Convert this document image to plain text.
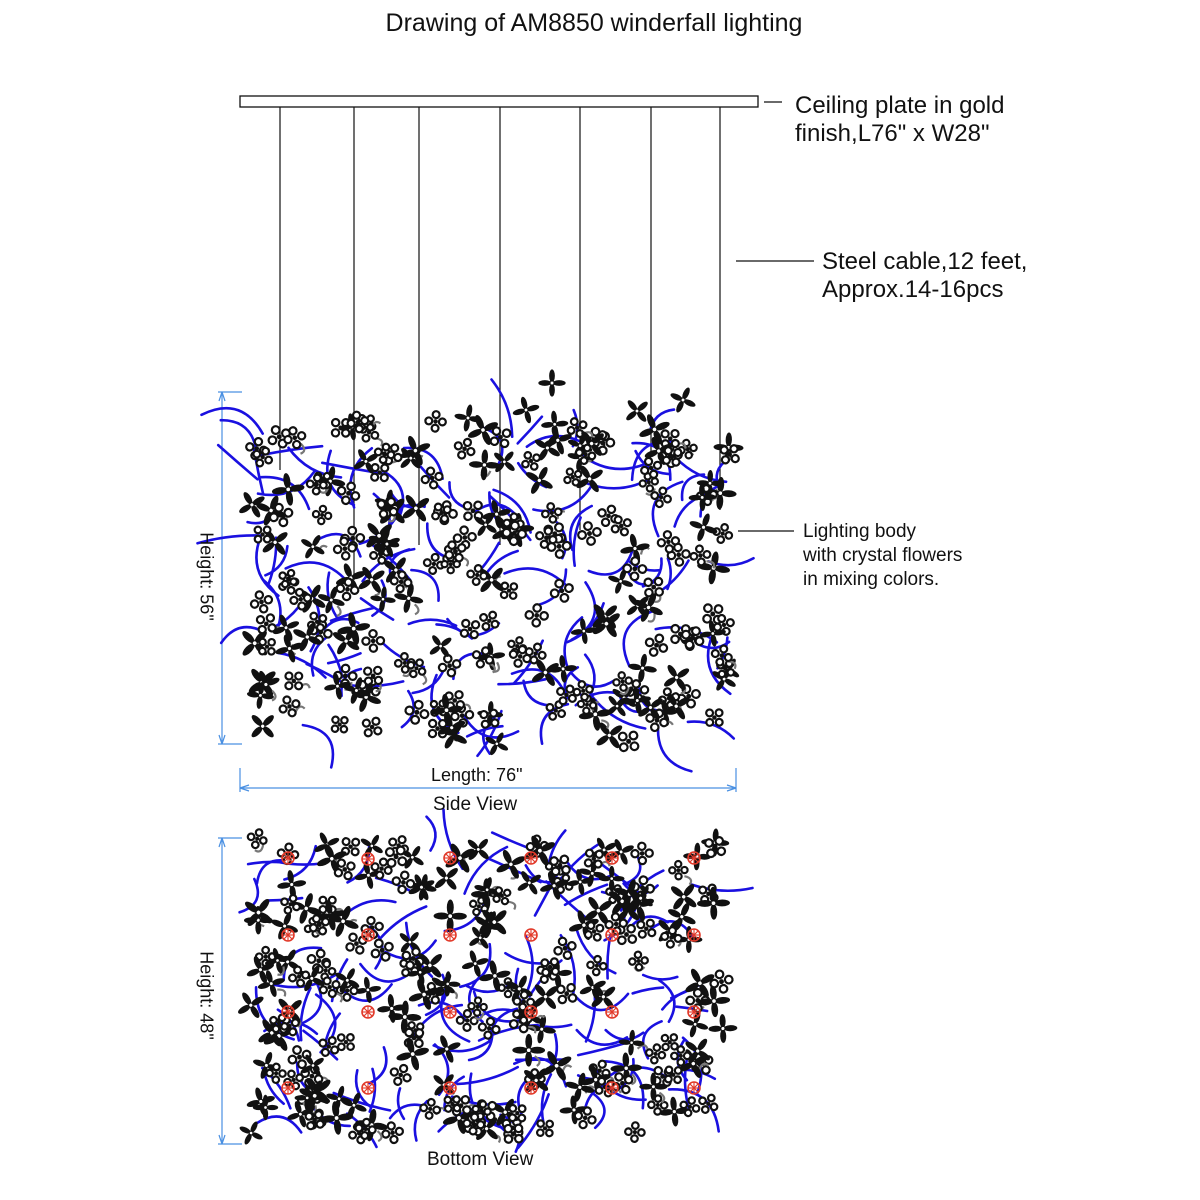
Drawing of AM8850 winderfall lighting
Ceiling plate in gold
finish,L76" x W28"
Steel cable,12 feet,
Approx.14-16pcs
Lighting body
with crystal flowers
in mixing colors.
Height: 56"
Length: 76"
Side View
Height: 48"
Bottom View
